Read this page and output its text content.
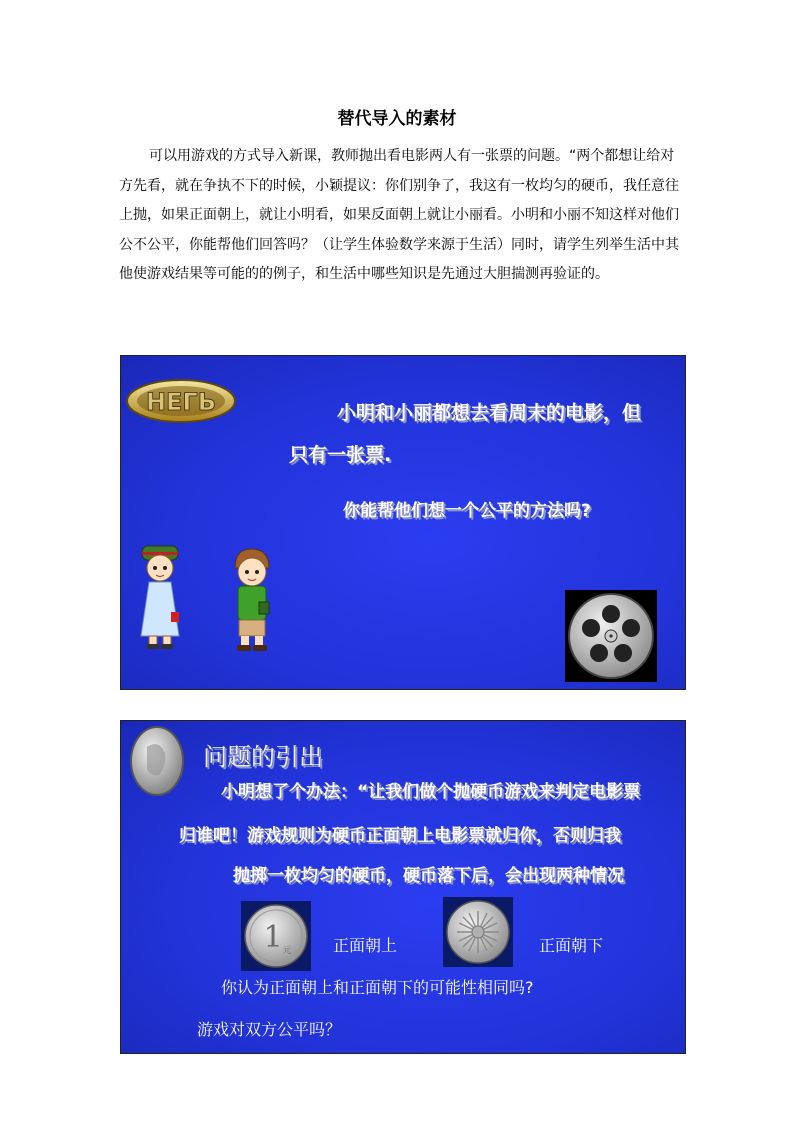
替代导入的素材

可以用游戏的方式导入新课，教师抛出看电影两人有一张票的问题。“两个都想让给对方先看，就在争执不下的时候，小颖提议：你们别争了，我这有一枚均匀的硬币，我任意往上抛，如果正面朝上，就让小明看，如果反面朝上就让小丽看。小明和小丽不知这样对他们公不公平，你能帮他们回答吗？（让学生体验数学来源于生活）同时，请学生列举生活中其他使游戏结果等可能的的例子，和生活中哪些知识是先通过大胆揣测再验证的。

HEГЬ	小明和小丽都想去看周末的电影，但
只有一张票.
你能帮他们想一个公平的方法吗?
问题的引出
小明想了个办法：“让我们做个抛硬币游戏来判定电影票
归谁吧！游戏规则为硬币正面朝上电影票就归你，否则归我
抛掷一枚均匀的硬币，硬币落下后，会出现两种情况
1 元	正面朝上	正面朝下
你认为正面朝上和正面朝下的可能性相同吗?
游戏对双方公平吗？
